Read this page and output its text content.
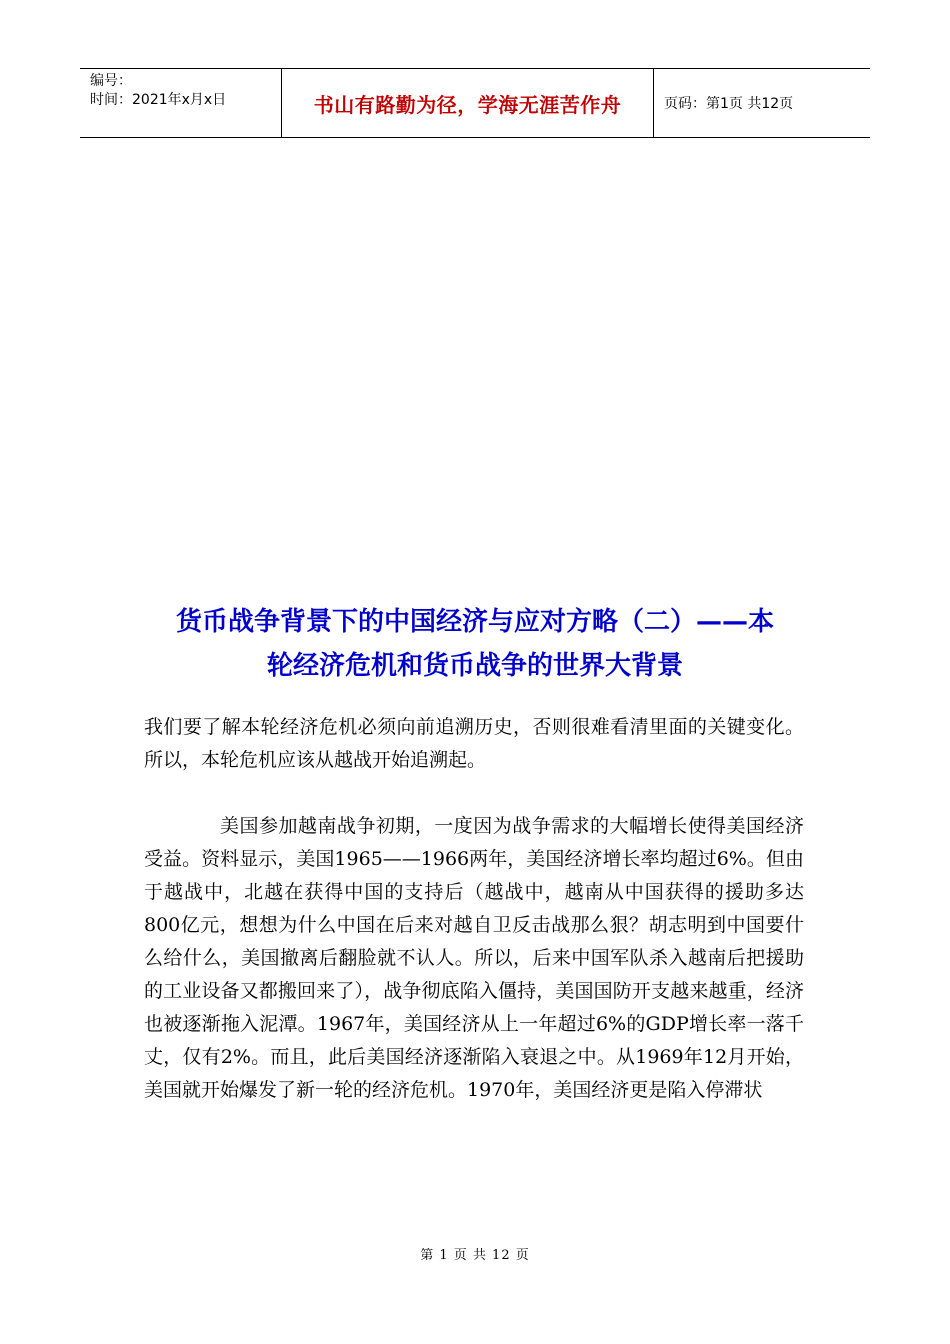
编号：
时间：2021年x月x日	书山有路勤为径，学海无涯苦作舟	页码：第1页 共12页
货币战争背景下的中国经济与应对方略（二）——本
轮经济危机和货币战争的世界大背景

我们要了解本轮经济危机必须向前追溯历史，否则很难看清里面的关键变化。所以，本轮危机应该从越战开始追溯起。

美国参加越南战争初期，一度因为战争需求的大幅增长使得美国经济受益。资料显示，美国1965——1966两年，美国经济增长率均超过6%。但由于越战中，北越在获得中国的支持后（越战中，越南从中国获得的援助多达800亿元，想想为什么中国在后来对越自卫反击战那么狠？胡志明到中国要什么给什么，美国撤离后翻脸就不认人。所以，后来中国军队杀入越南后把援助的工业设备又都搬回来了），战争彻底陷入僵持，美国国防开支越来越重，经济也被逐渐拖入泥潭。1967年，美国经济从上一年超过6%的GDP增长率一落千丈，仅有2%。而且，此后美国经济逐渐陷入衰退之中。从1969年12月开始，美国就开始爆发了新一轮的经济危机。1970年，美国经济更是陷入停滞状

第 1 页 共 12 页
